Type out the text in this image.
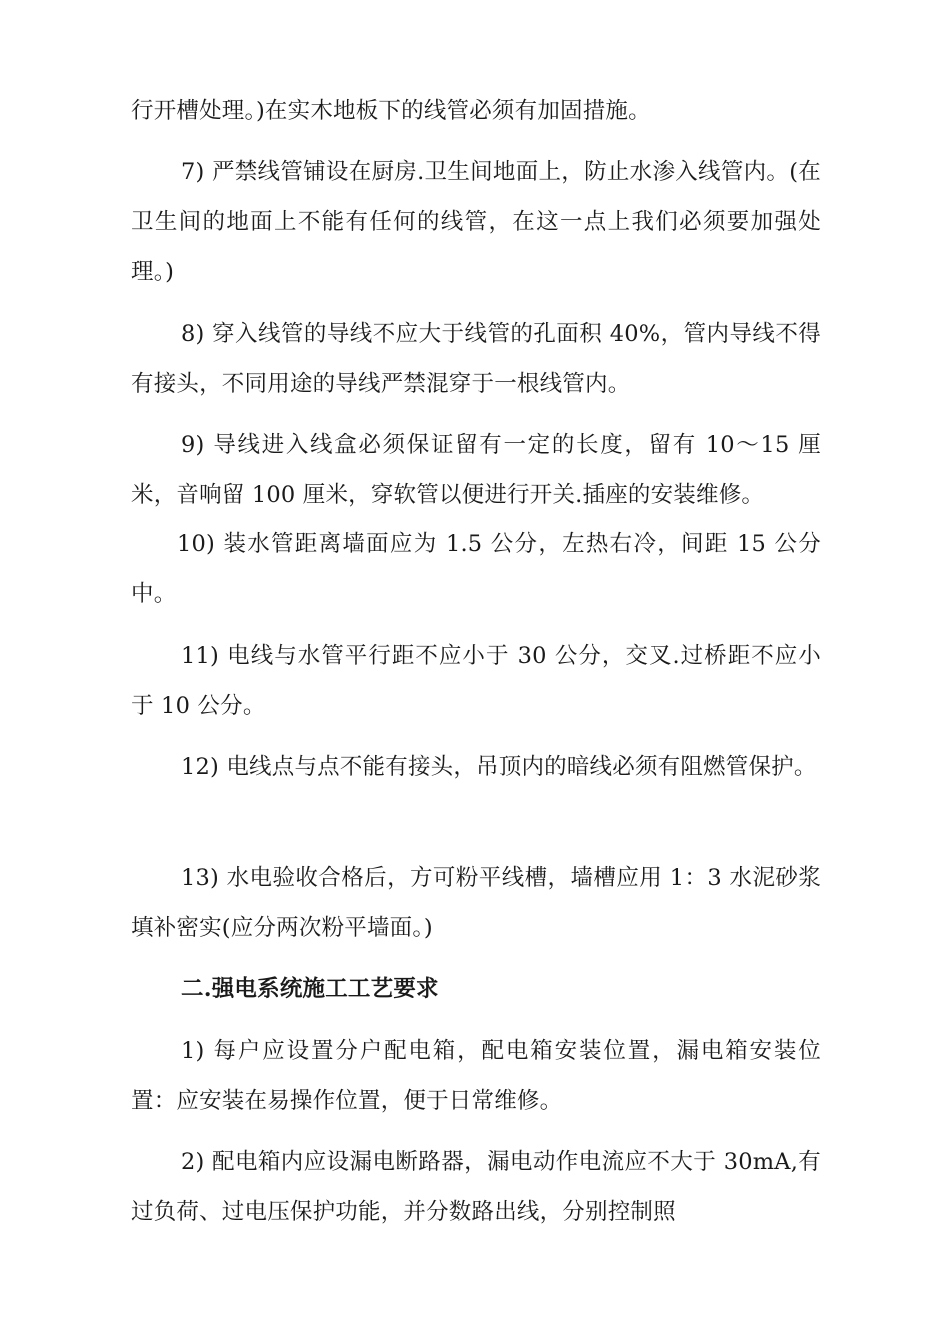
行开槽处理。)在实木地板下的线管必须有加固措施。

7) 严禁线管铺设在厨房.卫生间地面上，防止水渗入线管内。(在卫生间的地面上不能有任何的线管，在这一点上我们必须要加强处理。)

8) 穿入线管的导线不应大于线管的孔面积 40%，管内导线不得有接头，不同用途的导线严禁混穿于一根线管内。

9) 导线进入线盒必须保证留有一定的长度，留有 10～15 厘米，音响留 100 厘米，穿软管以便进行开关.插座的安装维修。

10) 装水管距离墙面应为 1.5 公分，左热右冷，间距 15 公分中。

11) 电线与水管平行距不应小于 30 公分，交叉.过桥距不应小于 10 公分。

12) 电线点与点不能有接头，吊顶内的暗线必须有阻燃管保护。

13) 水电验收合格后，方可粉平线槽，墙槽应用 1：3 水泥砂浆填补密实(应分两次粉平墙面。)

二.强电系统施工工艺要求

1) 每户应设置分户配电箱，配电箱安装位置，漏电箱安装位置：应安装在易操作位置，便于日常维修。

2) 配电箱内应设漏电断路器，漏电动作电流应不大于 30mA,有过负荷、过电压保护功能，并分数路出线，分别控制照
